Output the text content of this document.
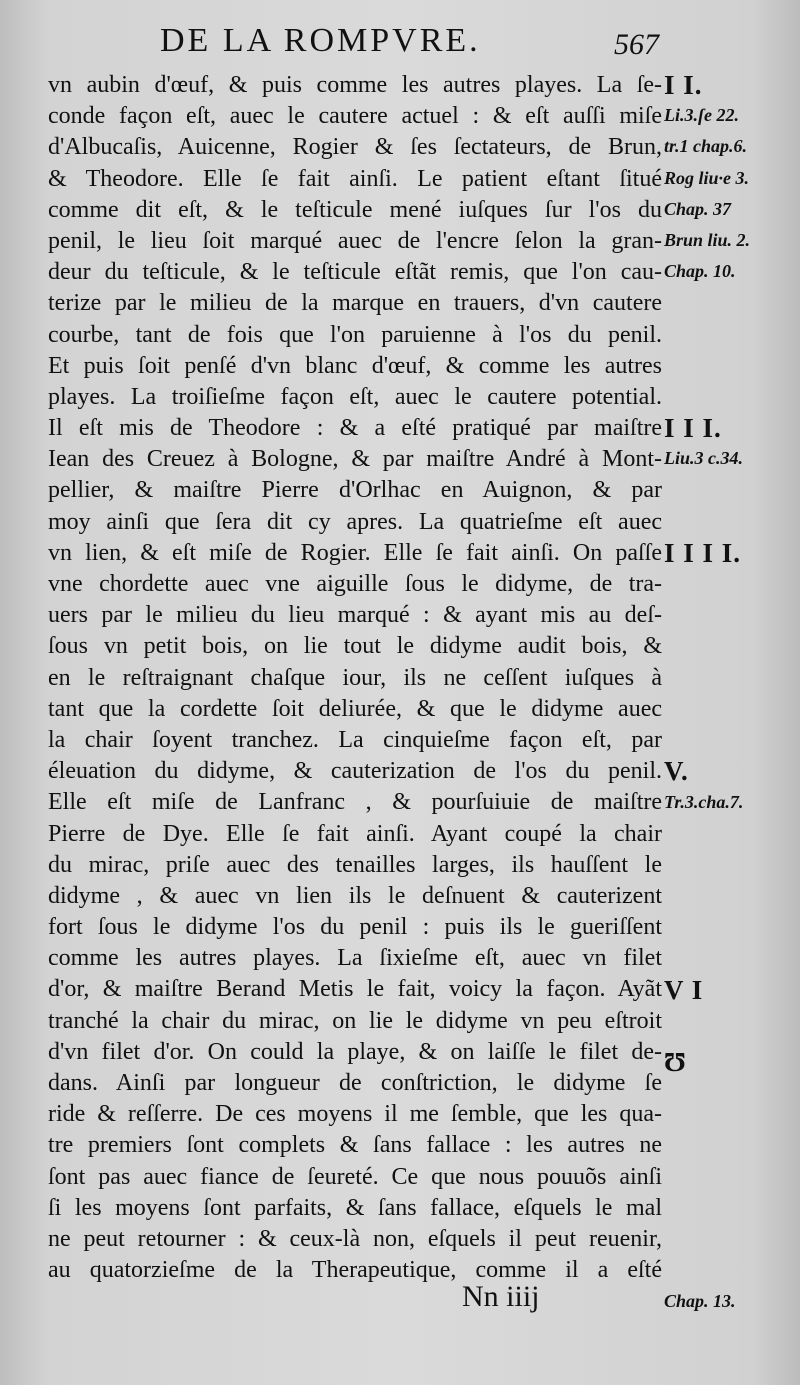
DE LA ROMPVRE.	567
vn aubin d'œuf, & puis comme les autres playes. La ſe-
conde façon eſt, auec le cautere actuel : & eſt auſſi miſe
d'Albucaſis, Auicenne, Rogier & ſes ſectateurs, de Brun,
& Theodore. Elle ſe fait ainſi. Le patient eſtant ſitué
comme dit eſt, & le teſticule mené iuſques ſur l'os du
penil, le lieu ſoit marqué auec de l'encre ſelon la gran-
deur du teſticule, & le teſticule eſtãt remis, que l'on cau-
terize par le milieu de la marque en trauers, d'vn cautere
courbe, tant de fois que l'on paruienne à l'os du penil.
Et puis ſoit penſé d'vn blanc d'œuf, & comme les autres
playes. La troiſieſme façon eſt, auec le cautere potential.
Il eſt mis de Theodore : & a eſté pratiqué par maiſtre
Iean des Creuez à Bologne, & par maiſtre André à Mont-
pellier, & maiſtre Pierre d'Orlhac en Auignon, & par
moy ainſi que ſera dit cy apres. La quatrieſme eſt auec
vn lien, & eſt miſe de Rogier. Elle ſe fait ainſi. On paſſe
vne chordette auec vne aiguille ſous le didyme, de tra-
uers par le milieu du lieu marqué : & ayant mis au deſ-
ſous vn petit bois, on lie tout le didyme audit bois, &
en le reſtraignant chaſque iour, ils ne ceſſent iuſques à
tant que la cordette ſoit deliurée, & que le didyme auec
la chair ſoyent tranchez. La cinquieſme façon eſt, par
éleuation du didyme, & cauterization de l'os du penil.
Elle eſt miſe de Lanfranc , & pourſuiuie de maiſtre
Pierre de Dye. Elle ſe fait ainſi. Ayant coupé la chair
du mirac, priſe auec des tenailles larges, ils hauſſent le
didyme , & auec vn lien ils le deſnuent & cauterizent
fort ſous le didyme l'os du penil : puis ils le gueriſſent
comme les autres playes. La ſixieſme eſt, auec vn filet
d'or, & maiſtre Berand Metis le fait, voicy la façon. Ayãt
tranché la chair du mirac, on lie le didyme vn peu eſtroit
d'vn filet d'or. On could la playe, & on laiſſe le filet de-
dans. Ainſi par longueur de conſtriction, le didyme ſe
ride & reſſerre. De ces moyens il me ſemble, que les qua-
tre premiers ſont complets & ſans fallace : les autres ne
ſont pas auec fiance de ſeureté. Ce que nous pouuõs ainſi
ſi les moyens ſont parfaits, & ſans fallace, eſquels le mal
ne peut retourner : & ceux-là non, eſquels il peut reuenir,
au quatorzieſme de la Therapeutique, comme il a eſté
I I.
Li.3.ſe 22.
tr.1 chap.6.
Rog liu·e 3.
Chap. 37
Brun liu. 2.
Chap. 10.
I I I.
Liu.3 c.34.
I I I I.
V.
Tr.3.cha.7.
V I
Ʊ
Chap. 13.
Nn iiij
